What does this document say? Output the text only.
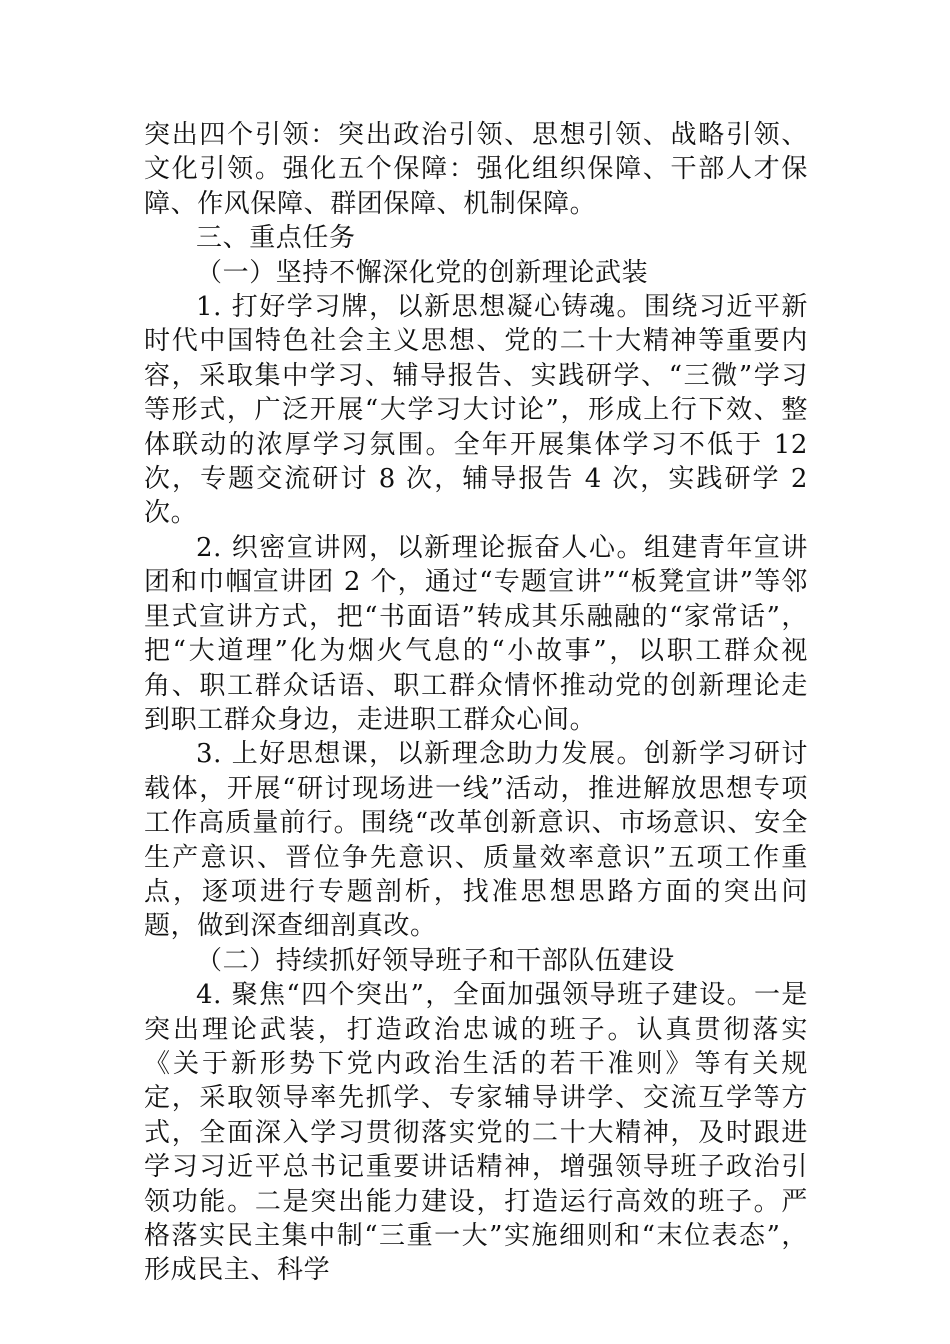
突出四个引领：突出政治引领、思想引领、战略引领、文化引领。强化五个保障：强化组织保障、干部人才保障、作风保障、群团保障、机制保障。

三、重点任务

（一）坚持不懈深化党的创新理论武装

1. 打好学习牌，以新思想凝心铸魂。围绕习近平新时代中国特色社会主义思想、党的二十大精神等重要内容，采取集中学习、辅导报告、实践研学、“三微”学习等形式，广泛开展“大学习大讨论”，形成上行下效、整体联动的浓厚学习氛围。全年开展集体学习不低于 12 次，专题交流研讨 8 次，辅导报告 4 次，实践研学 2 次。

2. 织密宣讲网，以新理论振奋人心。组建青年宣讲团和巾帼宣讲团 2 个，通过“专题宣讲”“板凳宣讲”等邻里式宣讲方式，把“书面语”转成其乐融融的“家常话”，把“大道理”化为烟火气息的“小故事”，以职工群众视角、职工群众话语、职工群众情怀推动党的创新理论走到职工群众身边，走进职工群众心间。

3. 上好思想课，以新理念助力发展。创新学习研讨载体，开展“研讨现场进一线”活动，推进解放思想专项工作高质量前行。围绕“改革创新意识、市场意识、安全生产意识、晋位争先意识、质量效率意识”五项工作重点，逐项进行专题剖析，找准思想思路方面的突出问题，做到深查细剖真改。

（二）持续抓好领导班子和干部队伍建设

4. 聚焦“四个突出”，全面加强领导班子建设。一是突出理论武装，打造政治忠诚的班子。认真贯彻落实《关于新形势下党内政治生活的若干准则》等有关规定，采取领导率先抓学、专家辅导讲学、交流互学等方式，全面深入学习贯彻落实党的二十大精神，及时跟进学习习近平总书记重要讲话精神，增强领导班子政治引领功能。二是突出能力建设，打造运行高效的班子。严格落实民主集中制“三重一大”实施细则和“末位表态”，形成民主、科学
